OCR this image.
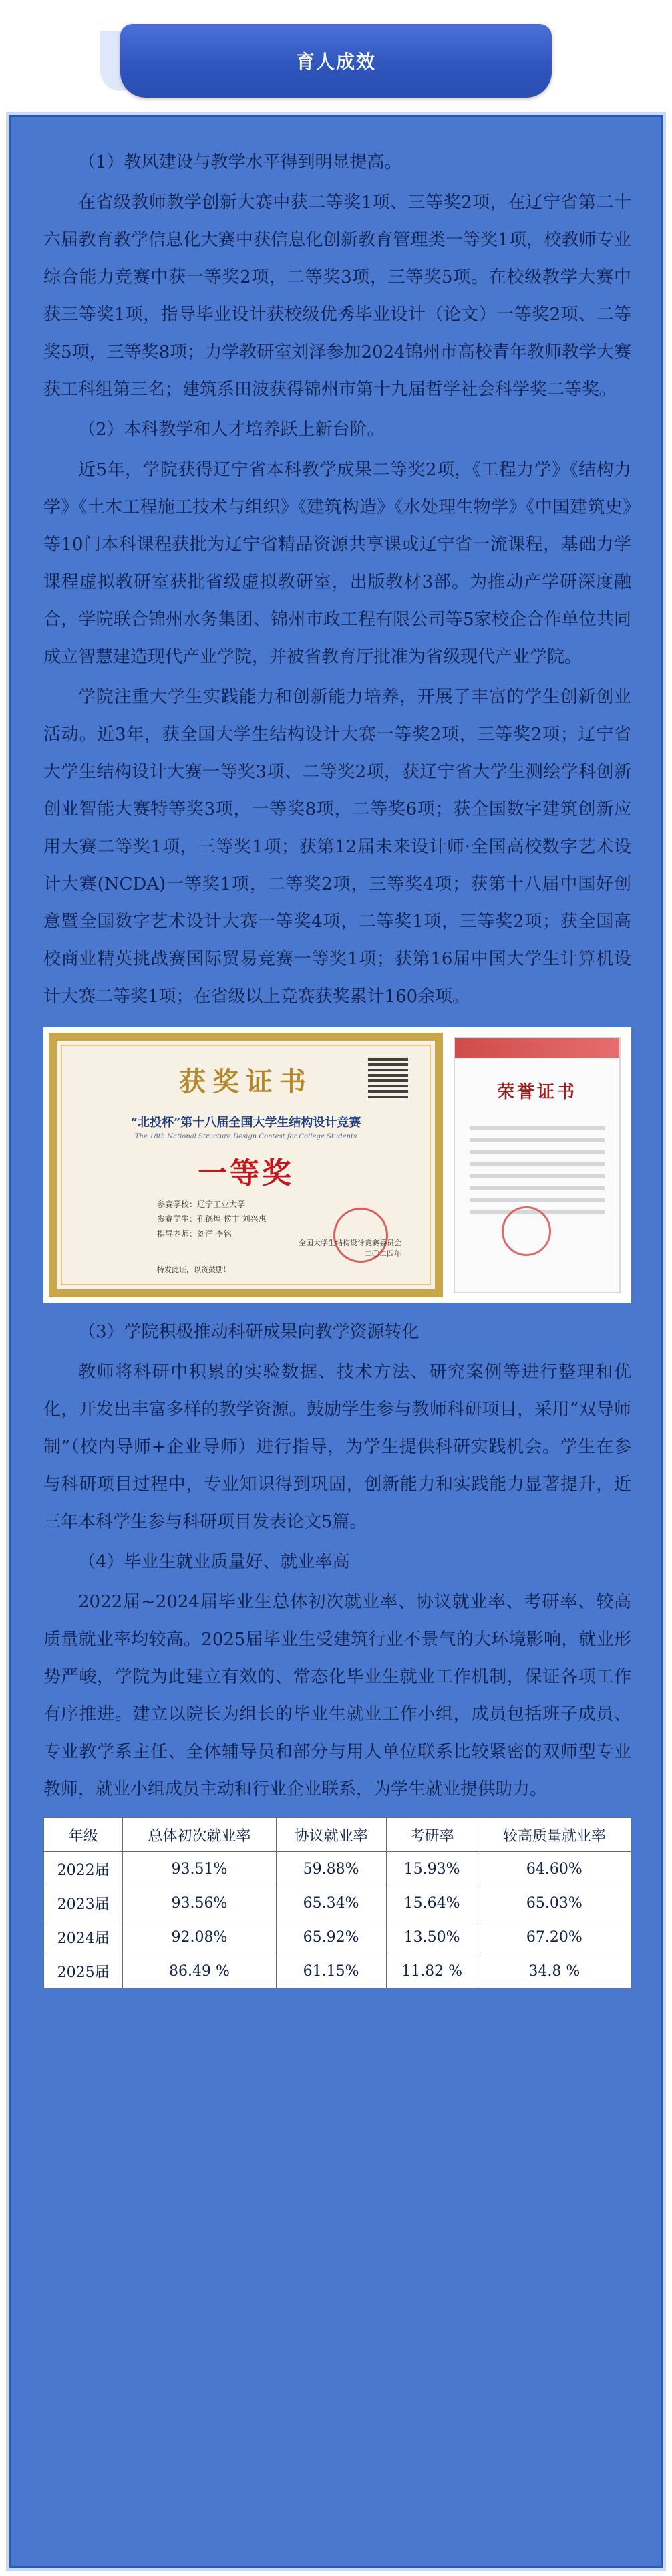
育人成效

（1）教风建设与教学水平得到明显提高。

在省级教师教学创新大赛中获二等奖1项、三等奖2项，在辽宁省第二十六届教育教学信息化大赛中获信息化创新教育管理类一等奖1项，校教师专业综合能力竞赛中获一等奖2项，二等奖3项，三等奖5项。在校级教学大赛中获三等奖1项，指导毕业设计获校级优秀毕业设计（论文）一等奖2项、二等奖5项，三等奖8项；力学教研室刘泽参加2024锦州市高校青年教师教学大赛获工科组第三名；建筑系田波获得锦州市第十九届哲学社会科学奖二等奖。

（2）本科教学和人才培养跃上新台阶。

近5年，学院获得辽宁省本科教学成果二等奖2项，《工程力学》《结构力学》《土木工程施工技术与组织》《建筑构造》《水处理生物学》《中国建筑史》等10门本科课程获批为辽宁省精品资源共享课或辽宁省一流课程，基础力学课程虚拟教研室获批省级虚拟教研室，出版教材3部。为推动产学研深度融合，学院联合锦州水务集团、锦州市政工程有限公司等5家校企合作单位共同成立智慧建造现代产业学院，并被省教育厅批准为省级现代产业学院。

学院注重大学生实践能力和创新能力培养，开展了丰富的学生创新创业活动。近3年，获全国大学生结构设计大赛一等奖2项，三等奖2项；辽宁省大学生结构设计大赛一等奖3项、二等奖2项，获辽宁省大学生测绘学科创新创业智能大赛特等奖3项，一等奖8项，二等奖6项；获全国数字建筑创新应用大赛二等奖1项，三等奖1项；获第12届未来设计师·全国高校数字艺术设计大赛(NCDA)一等奖1项，二等奖2项，三等奖4项；获第十八届中国好创意暨全国数字艺术设计大赛一等奖4项，二等奖1项，三等奖2项；获全国高校商业精英挑战赛国际贸易竞赛一等奖1项；获第16届中国大学生计算机设计大赛二等奖1项；在省级以上竞赛获奖累计160余项。

获奖证书
“北投杯”第十八届全国大学生结构设计竞赛
The 18th National Structure Design Contest for College Students
一等奖
参赛学校：辽宁工业大学
参赛学生：孔德煌 侯丰 刘兴惠
指导老师：刘洋 李铭
特发此证，以资鼓励！
全国大学生结构设计竞赛委员会
二〇二四年
荣誉证书

（3）学院积极推动科研成果向教学资源转化

教师将科研中积累的实验数据、技术方法、研究案例等进行整理和优化，开发出丰富多样的教学资源。鼓励学生参与教师科研项目，采用“双导师制”（校内导师+企业导师）进行指导，为学生提供科研实践机会。学生在参与科研项目过程中，专业知识得到巩固，创新能力和实践能力显著提升，近三年本科学生参与科研项目发表论文5篇。

（4）毕业生就业质量好、就业率高

2022届~2024届毕业生总体初次就业率、协议就业率、考研率、较高质量就业率均较高。2025届毕业生受建筑行业不景气的大环境影响，就业形势严峻，学院为此建立有效的、常态化毕业生就业工作机制，保证各项工作有序推进。建立以院长为组长的毕业生就业工作小组，成员包括班子成员、专业教学系主任、全体辅导员和部分与用人单位联系比较紧密的双师型专业教师，就业小组成员主动和行业企业联系，为学生就业提供助力。

年级	总体初次就业率	协议就业率	考研率	较高质量就业率
2022届	93.51%	59.88%	15.93%	64.60%
2023届	93.56%	65.34%	15.64%	65.03%
2024届	92.08%	65.92%	13.50%	67.20%
2025届	86.49 %	61.15%	11.82 %	34.8 %
